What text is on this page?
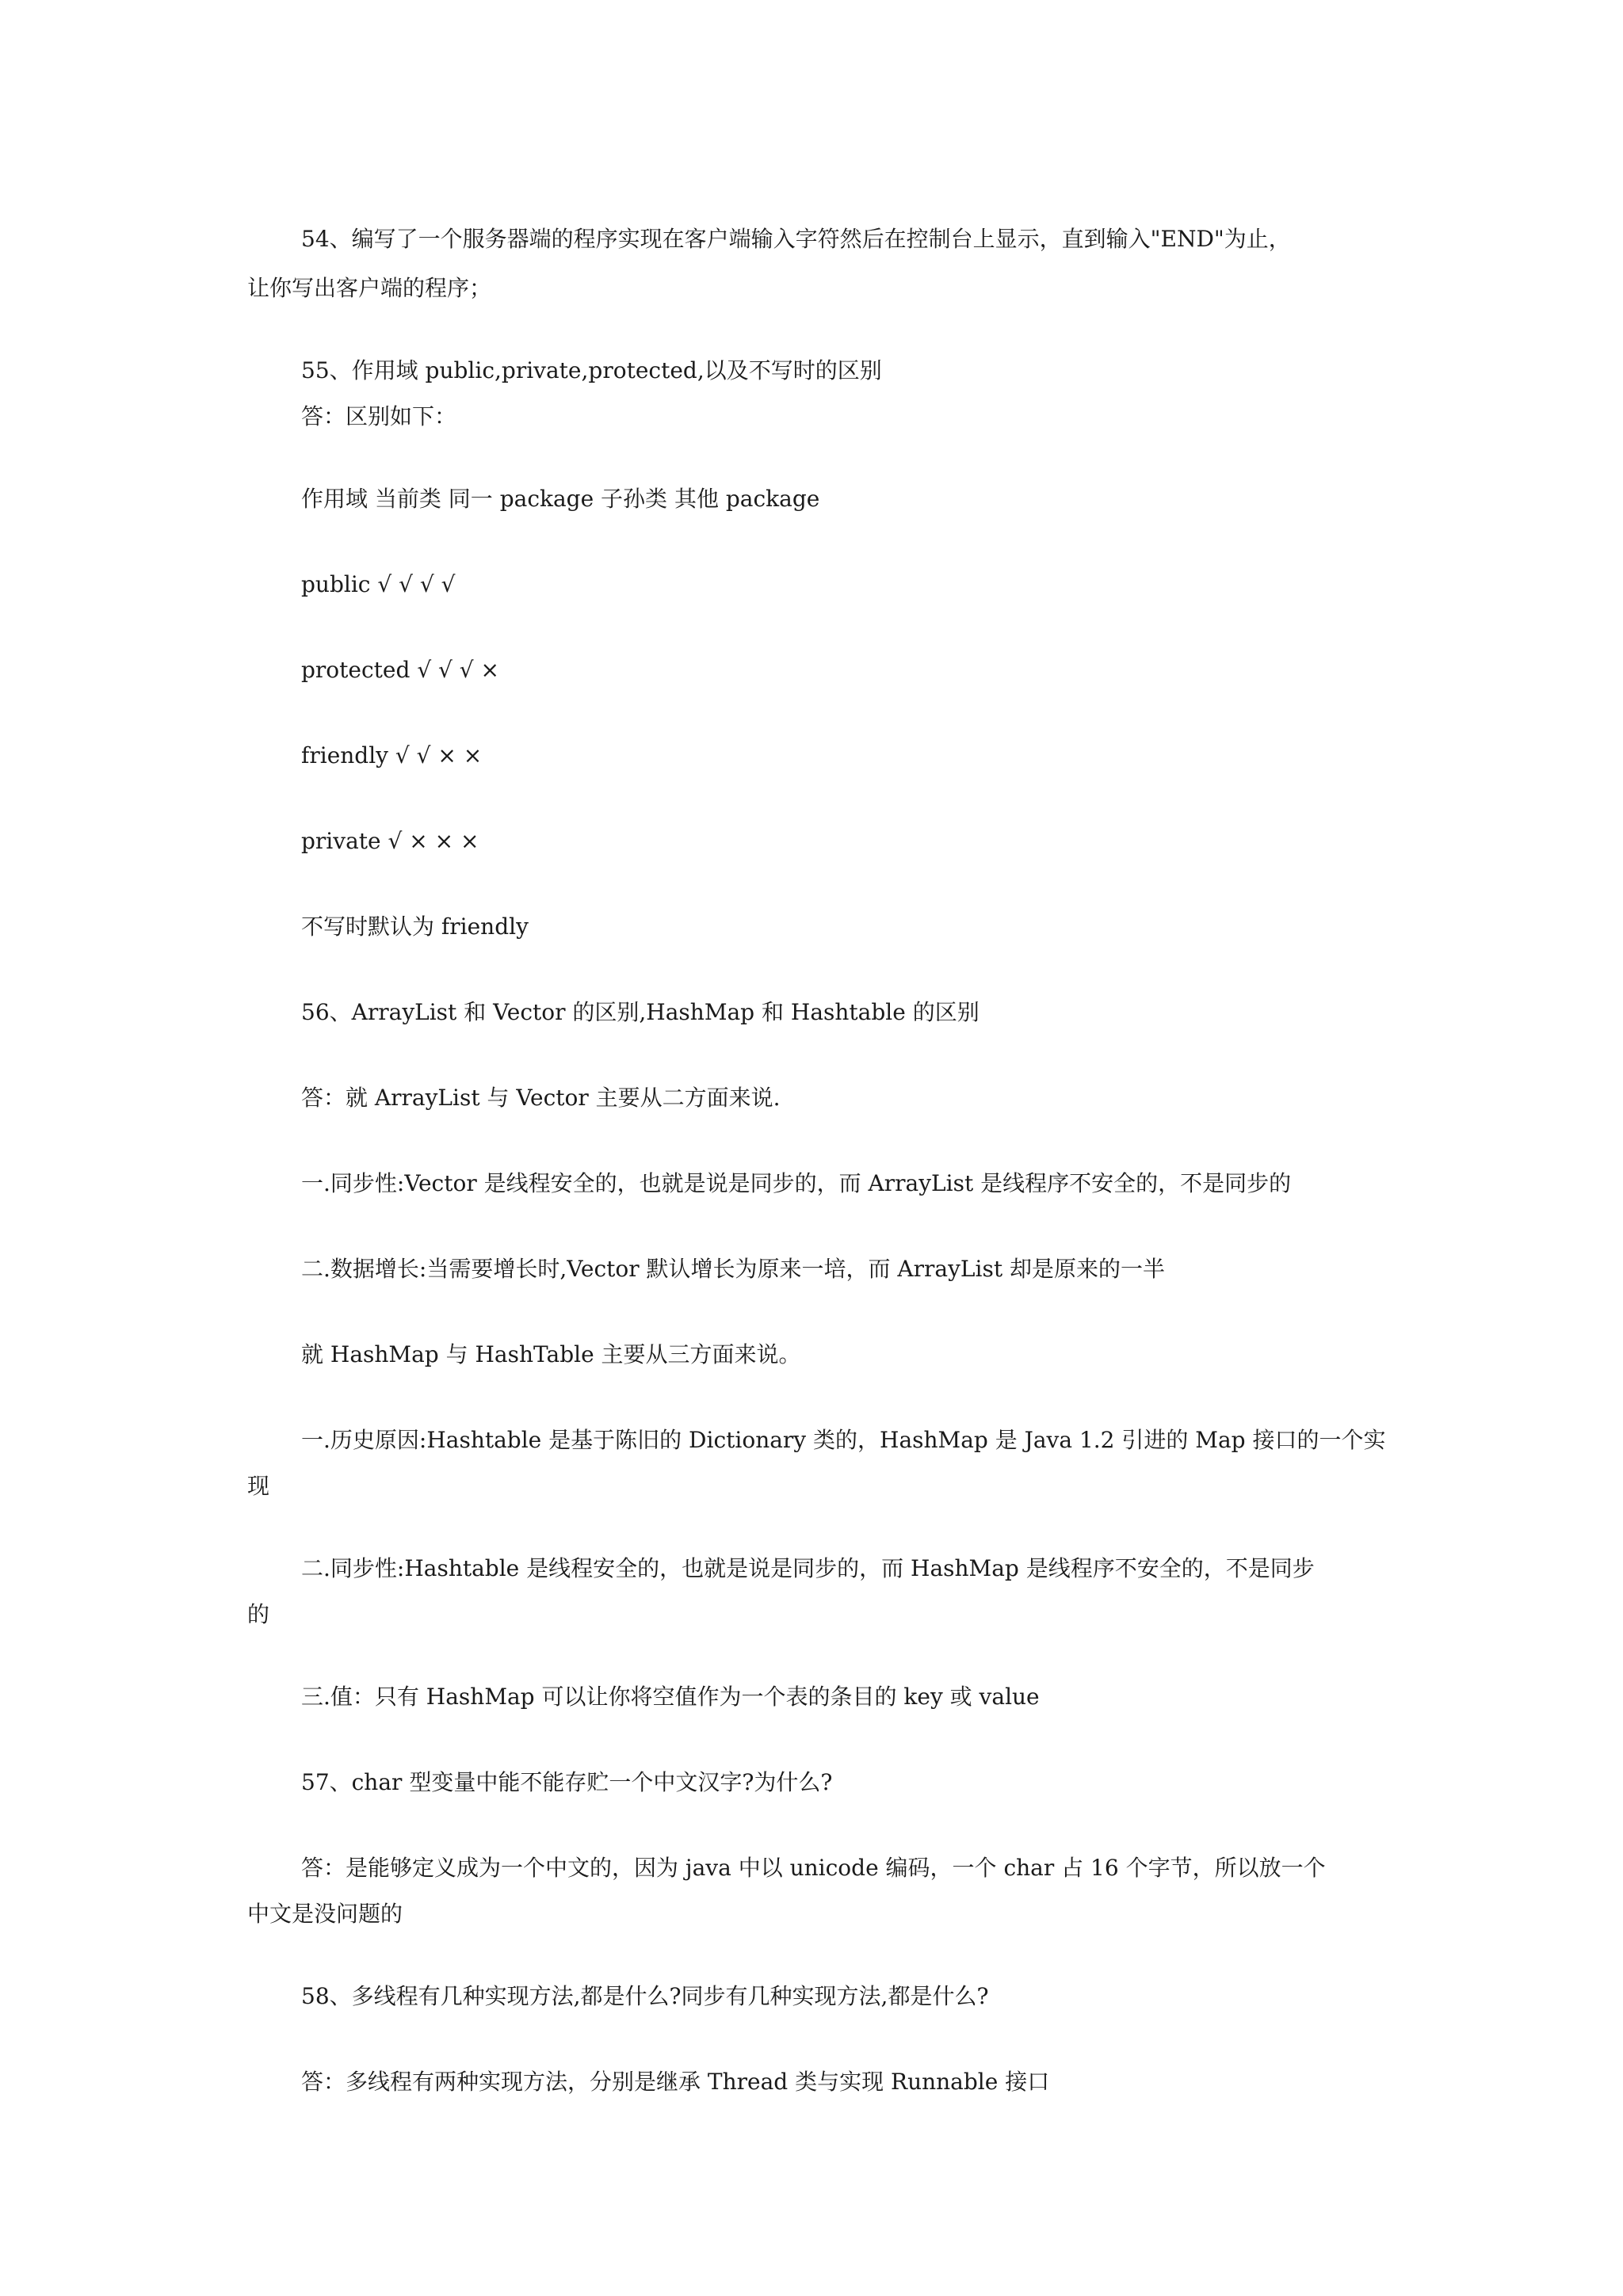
54、编写了一个服务器端的程序实现在客户端输入字符然后在控制台上显示，直到输入"END"为止，
让你写出客户端的程序；
55、作用域 public,private,protected,以及不写时的区别
答：区别如下：
作用域 当前类 同一 package 子孙类 其他 package
public √ √ √ √
protected √ √ √ ×
friendly √ √ × ×
private √ × × ×
不写时默认为 friendly
56、ArrayList 和 Vector 的区别,HashMap 和 Hashtable 的区别
答：就 ArrayList 与 Vector 主要从二方面来说.
一.同步性:Vector 是线程安全的，也就是说是同步的，而 ArrayList 是线程序不安全的，不是同步的
二.数据增长:当需要增长时,Vector 默认增长为原来一培，而 ArrayList 却是原来的一半
就 HashMap 与 HashTable 主要从三方面来说。
一.历史原因:Hashtable 是基于陈旧的 Dictionary 类的，HashMap 是 Java 1.2 引进的 Map 接口的一个实
现
二.同步性:Hashtable 是线程安全的，也就是说是同步的，而 HashMap 是线程序不安全的，不是同步
的
三.值：只有 HashMap 可以让你将空值作为一个表的条目的 key 或 value
57、char 型变量中能不能存贮一个中文汉字?为什么?
答：是能够定义成为一个中文的，因为 java 中以 unicode 编码，一个 char 占 16 个字节，所以放一个
中文是没问题的
58、多线程有几种实现方法,都是什么?同步有几种实现方法,都是什么?
答：多线程有两种实现方法，分别是继承 Thread 类与实现 Runnable 接口
